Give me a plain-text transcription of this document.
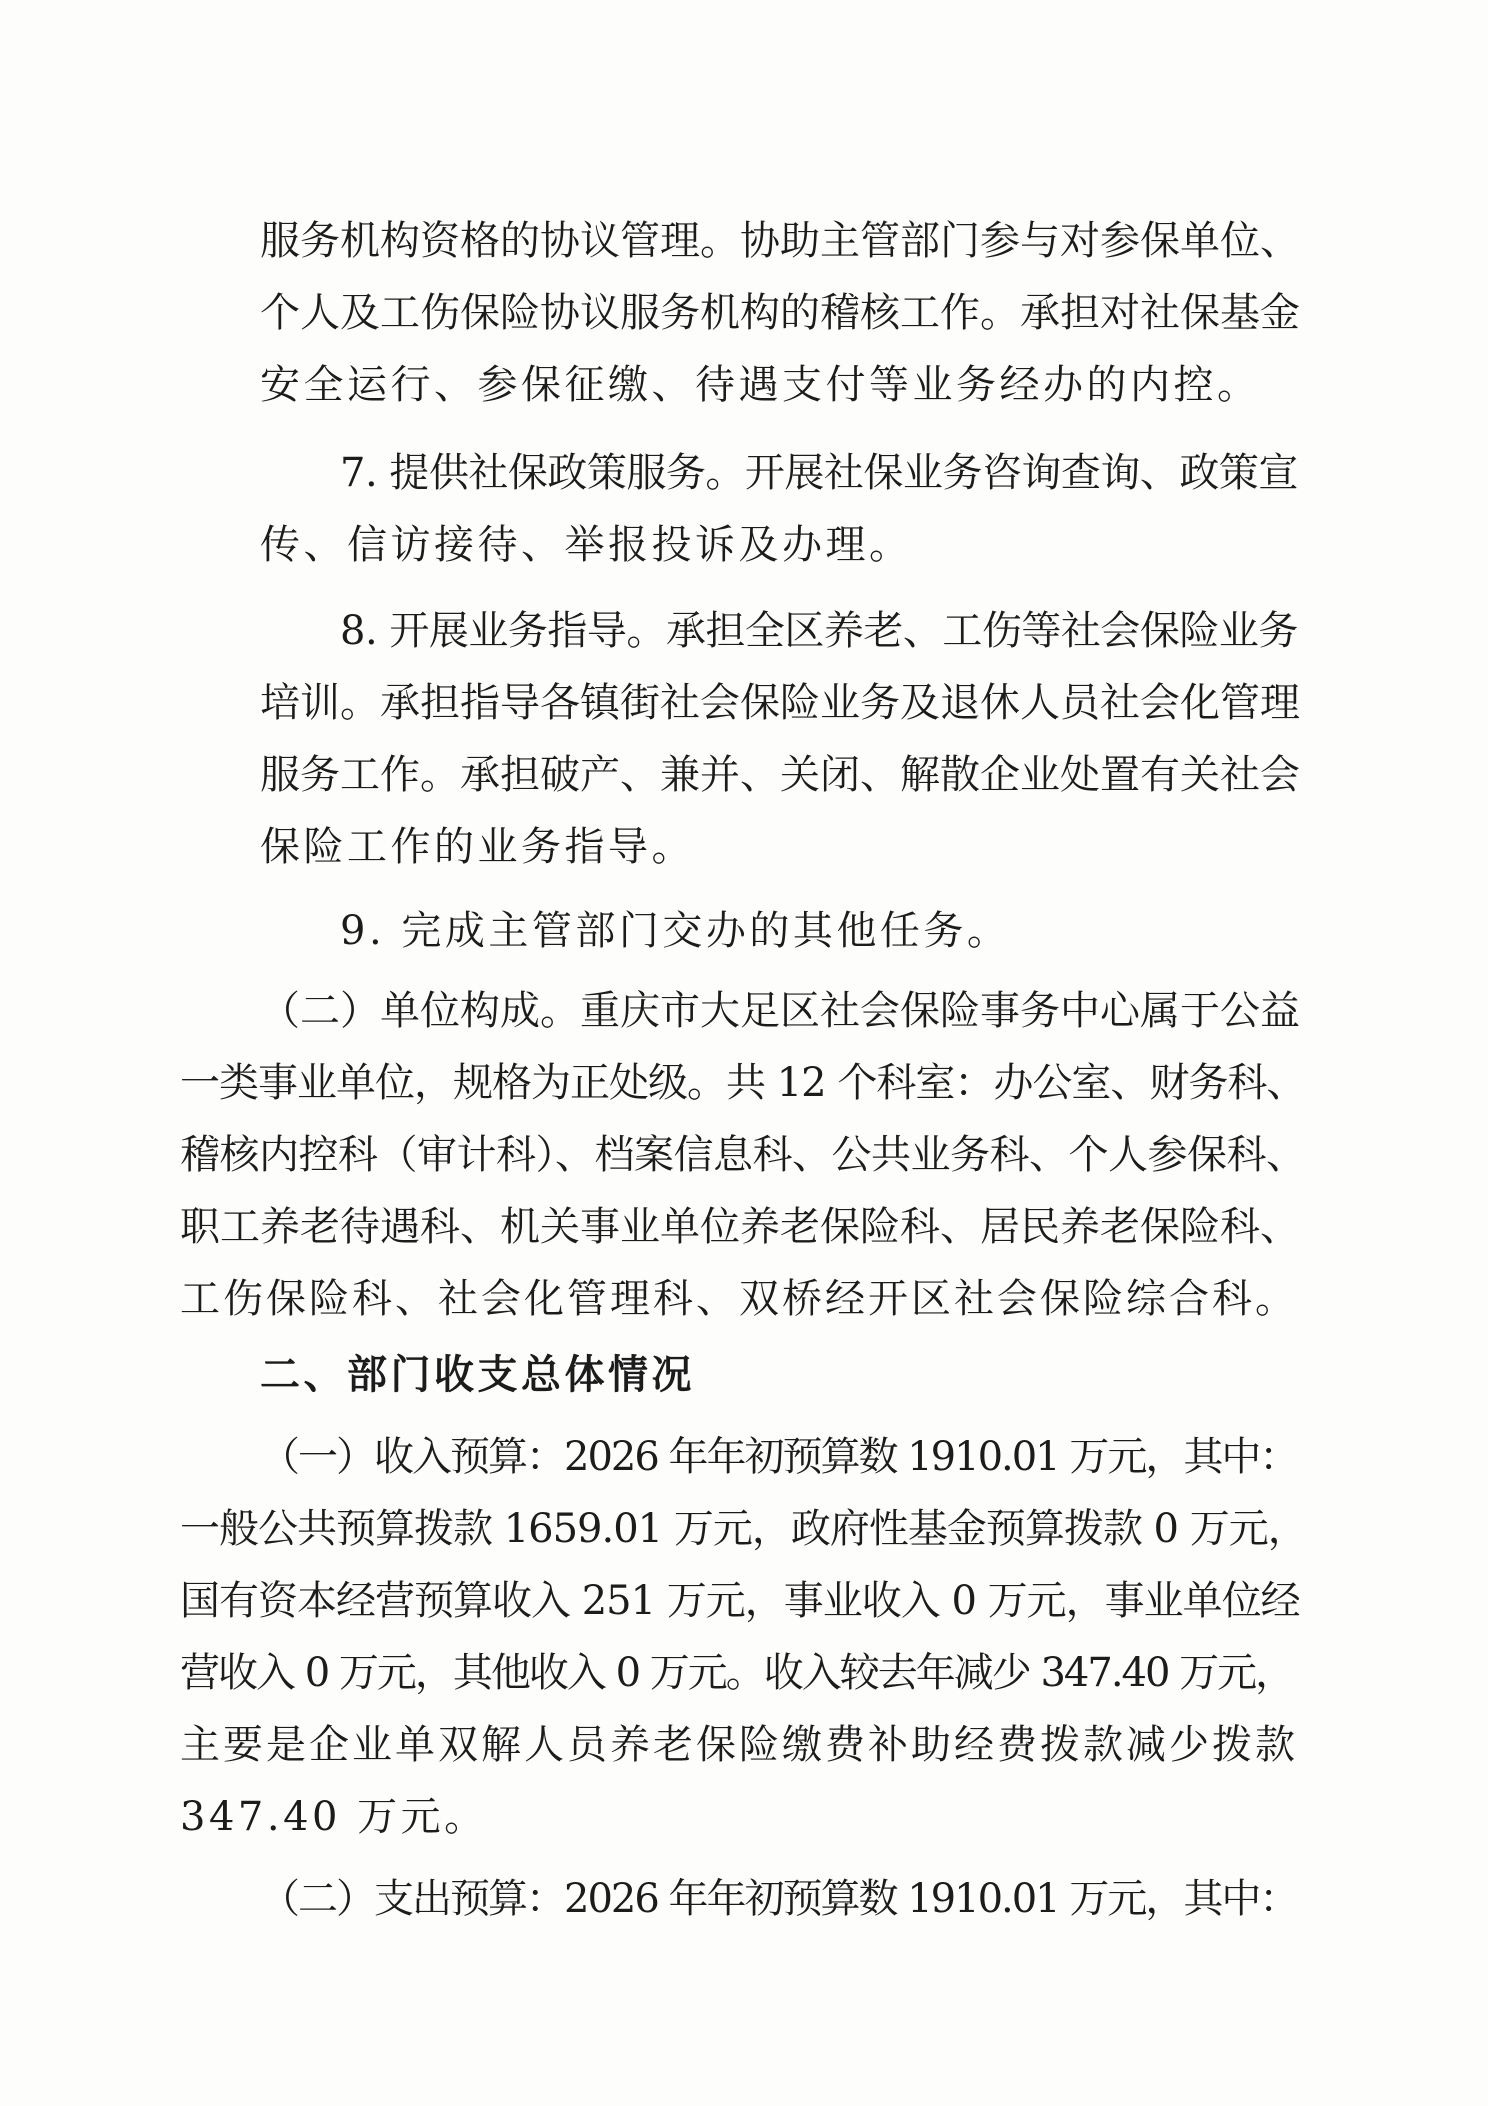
服务机构资格的协议管理。协助主管部门参与对参保单位、
个人及工伤保险协议服务机构的稽核工作。承担对社保基金
安全运行、参保征缴、待遇支付等业务经办的内控。
7. 提供社保政策服务。开展社保业务咨询查询、政策宣
传、信访接待、举报投诉及办理。
8. 开展业务指导。承担全区养老、工伤等社会保险业务
培训。承担指导各镇街社会保险业务及退休人员社会化管理
服务工作。承担破产、兼并、关闭、解散企业处置有关社会
保险工作的业务指导。
9. 完成主管部门交办的其他任务。
（二）单位构成。重庆市大足区社会保险事务中心属于公益
一类事业单位，规格为正处级。共 12 个科室：办公室、财务科、
稽核内控科（审计科）、档案信息科、公共业务科、个人参保科、
职工养老待遇科、机关事业单位养老保险科、居民养老保险科、
工伤保险科、社会化管理科、双桥经开区社会保险综合科。
二、部门收支总体情况
（一）收入预算：2026 年年初预算数 1910.01 万元，其中：
一般公共预算拨款 1659.01 万元，政府性基金预算拨款 0 万元，
国有资本经营预算收入 251 万元，事业收入 0 万元，事业单位经
营收入 0 万元，其他收入 0 万元。收入较去年减少 347.40 万元，
主要是企业单双解人员养老保险缴费补助经费拨款减少拨款
347.40 万元。
（二）支出预算：2026 年年初预算数 1910.01 万元，其中：
